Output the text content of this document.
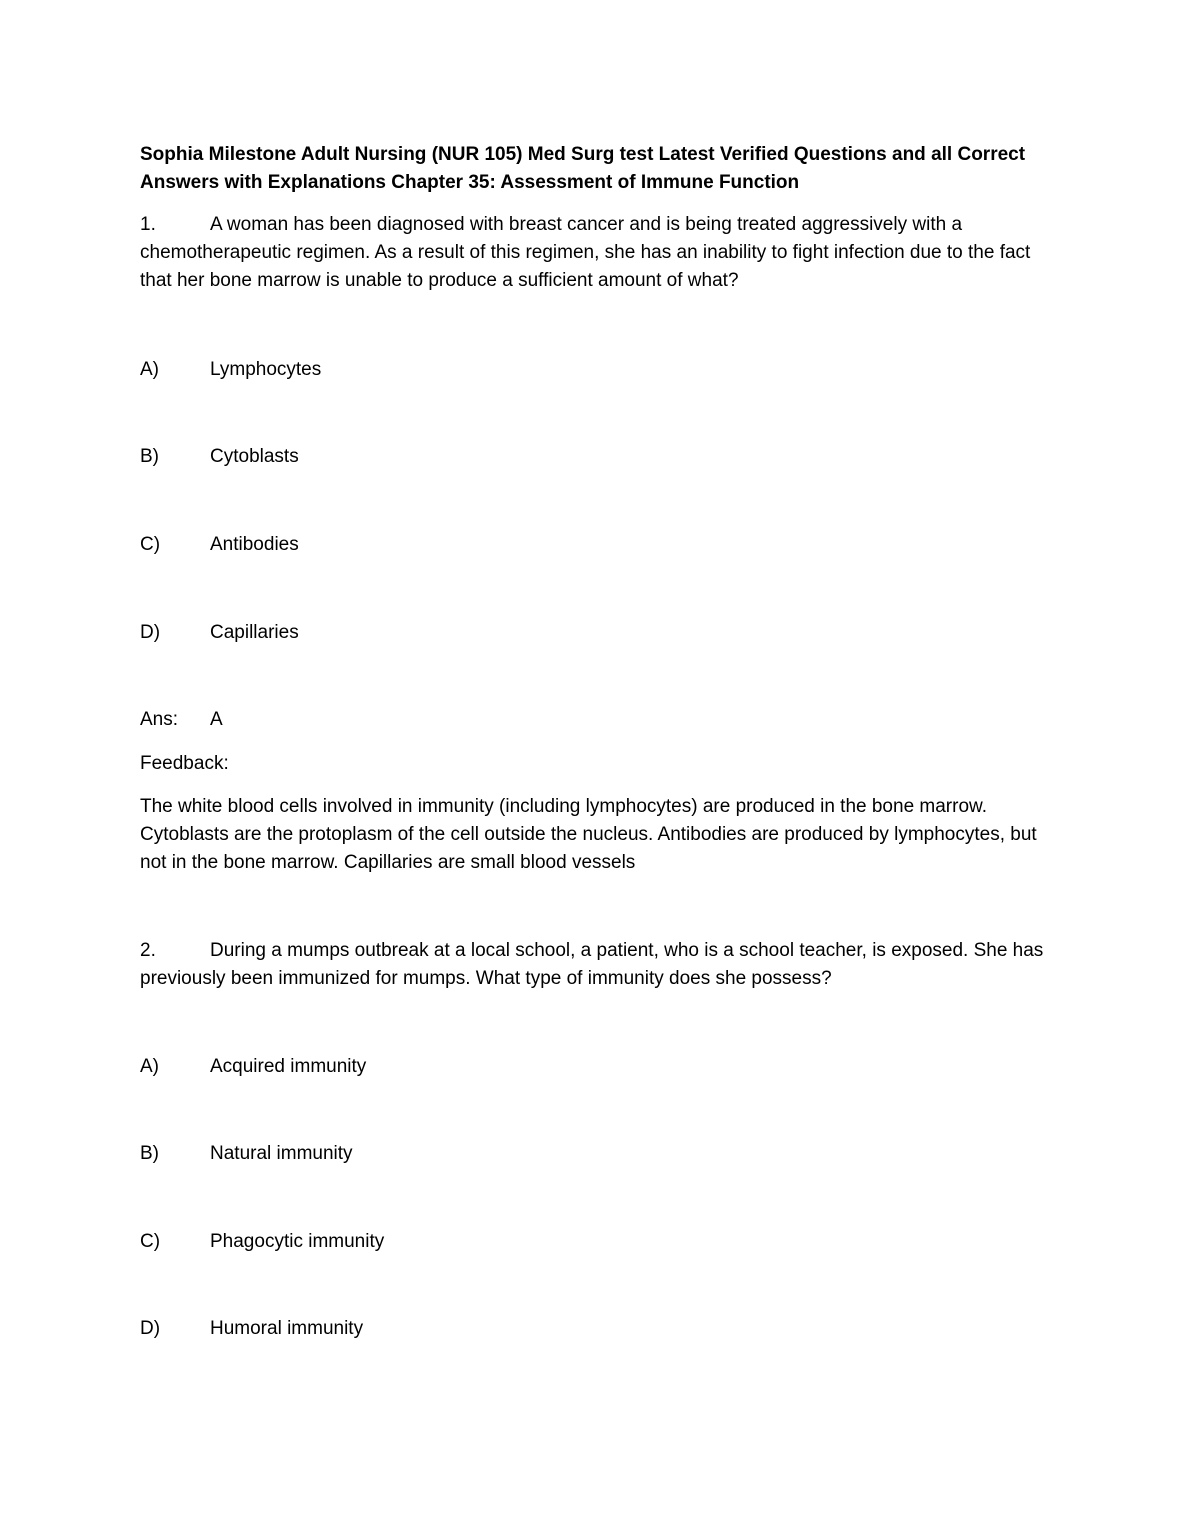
Sophia Milestone Adult Nursing (NUR 105) Med Surg test Latest Verified Questions and all Correct Answers with Explanations Chapter 35: Assessment of Immune Function
1.	A woman has been diagnosed with breast cancer and is being treated aggressively with a chemotherapeutic regimen. As a result of this regimen, she has an inability to fight infection due to the fact that her bone marrow is unable to produce a sufficient amount of what?
A)	Lymphocytes
B)	Cytoblasts
C)	Antibodies
D)	Capillaries
Ans: A
Feedback:
The white blood cells involved in immunity (including lymphocytes) are produced in the bone marrow. Cytoblasts are the protoplasm of the cell outside the nucleus. Antibodies are produced by lymphocytes, but not in the bone marrow. Capillaries are small blood vessels
2.	During a mumps outbreak at a local school, a patient, who is a school teacher, is exposed. She has previously been immunized for mumps. What type of immunity does she possess?
A)	Acquired immunity
B)	Natural immunity
C)	Phagocytic immunity
D)	Humoral immunity
